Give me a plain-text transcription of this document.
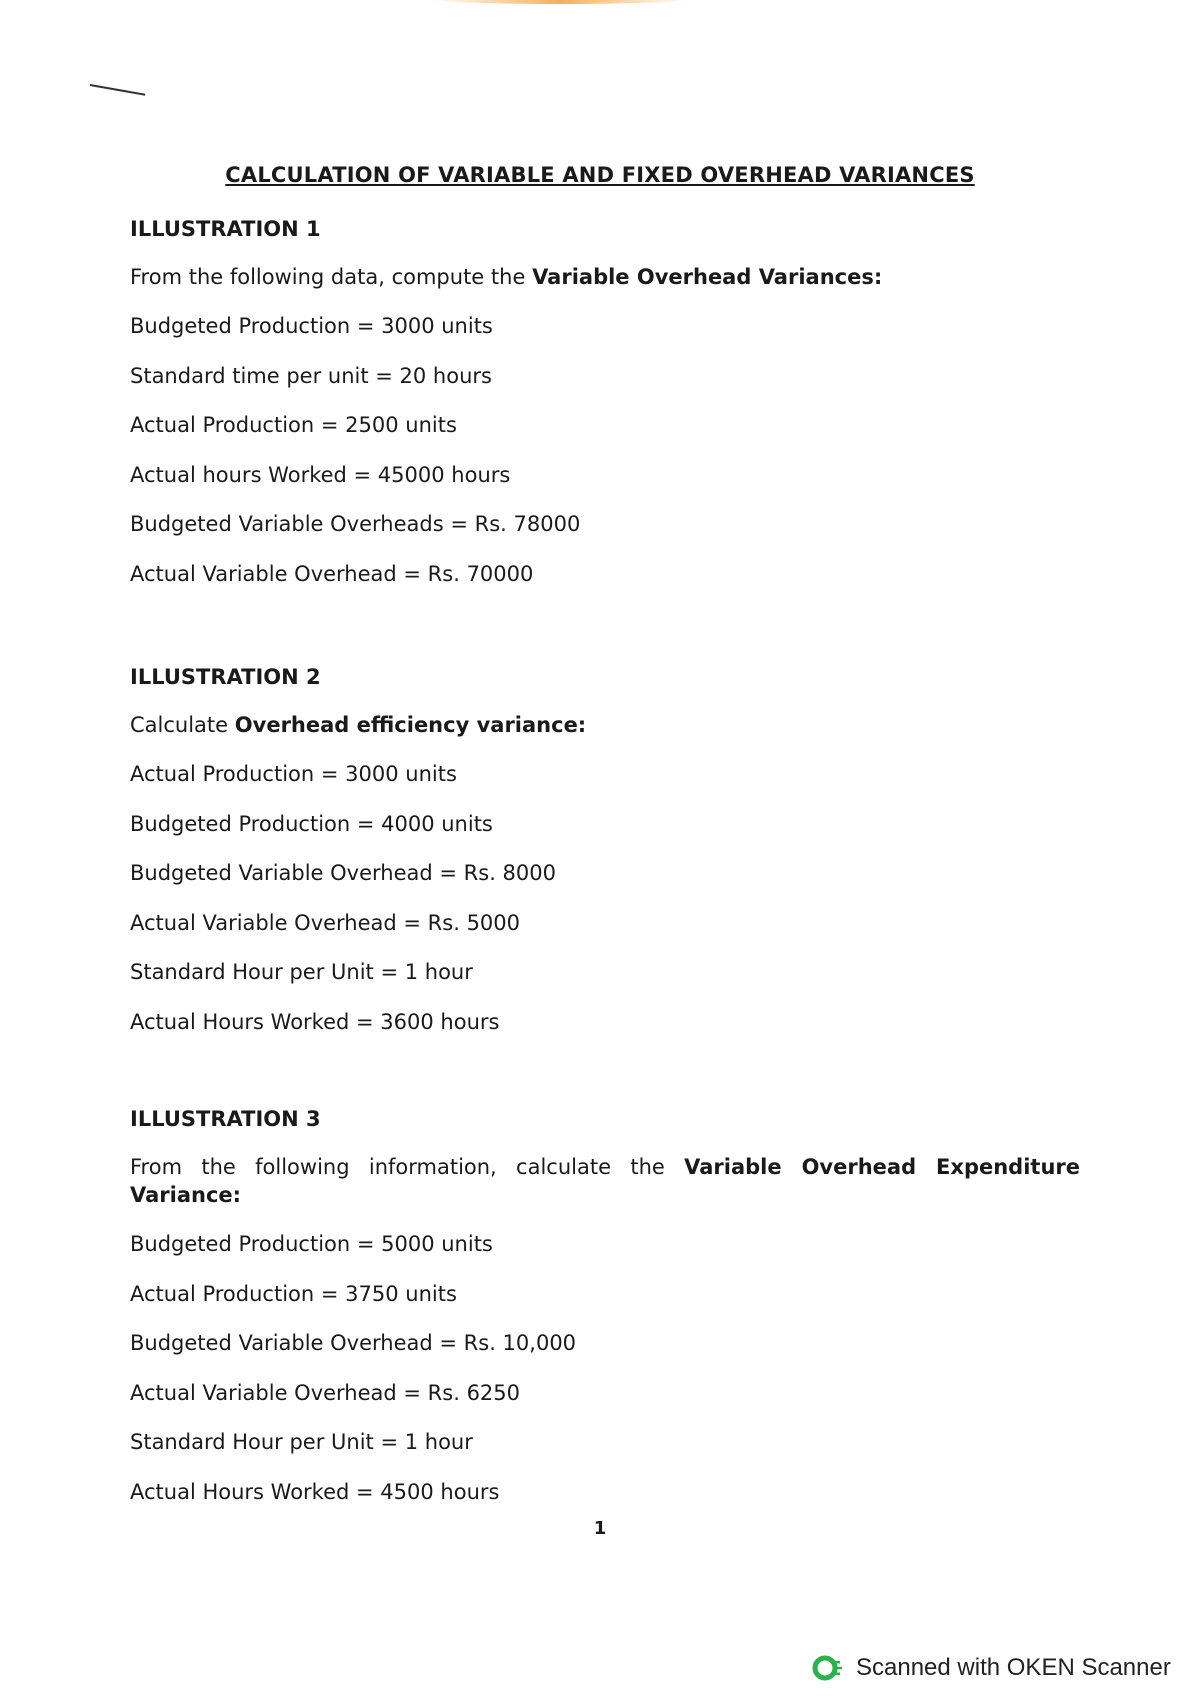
CALCULATION OF VARIABLE AND FIXED OVERHEAD VARIANCES
ILLUSTRATION 1

From the following data, compute the Variable Overhead Variances:

Budgeted Production = 3000 units

Standard time per unit = 20 hours

Actual Production = 2500 units

Actual hours Worked = 45000 hours

Budgeted Variable Overheads = Rs. 78000

Actual Variable Overhead = Rs. 70000

ILLUSTRATION 2

Calculate Overhead efficiency variance:

Actual Production = 3000 units

Budgeted Production = 4000 units

Budgeted Variable Overhead = Rs. 8000

Actual Variable Overhead = Rs. 5000

Standard Hour per Unit = 1 hour

Actual Hours Worked = 3600 hours

ILLUSTRATION 3

From the following information, calculate the Variable Overhead Expenditure Variance:

Budgeted Production = 5000 units

Actual Production = 3750 units

Budgeted Variable Overhead = Rs. 10,000

Actual Variable Overhead = Rs. 6250

Standard Hour per Unit = 1 hour

Actual Hours Worked = 4500 hours

1
Scanned with OKEN Scanner
